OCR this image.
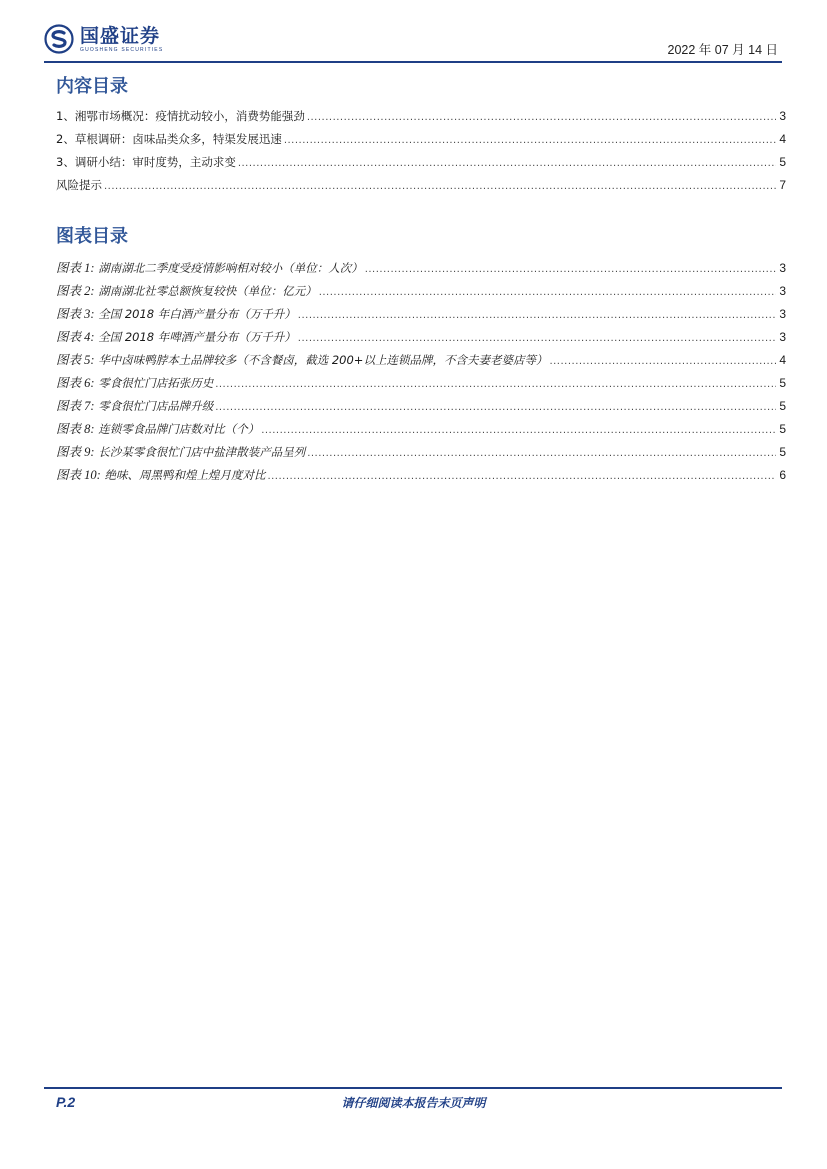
国盛证券
GUOSHENG SECURITIES	2022 年 07 月 14 日
内容目录
1、湘鄂市场概况：疫情扰动较小，消费势能强劲 .....	3
2、草根调研：卤味品类众多，特渠发展迅速 .....	4
3、调研小结：审时度势，主动求变 .....	5
风险提示 .....	7
图表目录
图表 1: 湖南湖北二季度受疫情影响相对较小（单位：人次） .....	3
图表 2: 湖南湖北社零总额恢复较快（单位：亿元） .....	3
图表 3: 全国 2018 年白酒产量分布（万千升） .....	3
图表 4: 全国 2018 年啤酒产量分布（万千升） .....	3
图表 5: 华中卤味鸭脖本土品牌较多（不含餐卤，截选 200+以上连锁品牌，不含夫妻老婆店等） .....	4
图表 6: 零食很忙门店拓张历史 .....	5
图表 7: 零食很忙门店品牌升级 .....	5
图表 8: 连锁零食品牌门店数对比（个） .....	5
图表 9: 长沙某零食很忙门店中盐津散装产品呈列 .....	5
图表 10: 绝味、周黑鸭和煌上煌月度对比 .....	6
P.2	请仔细阅读本报告末页声明
